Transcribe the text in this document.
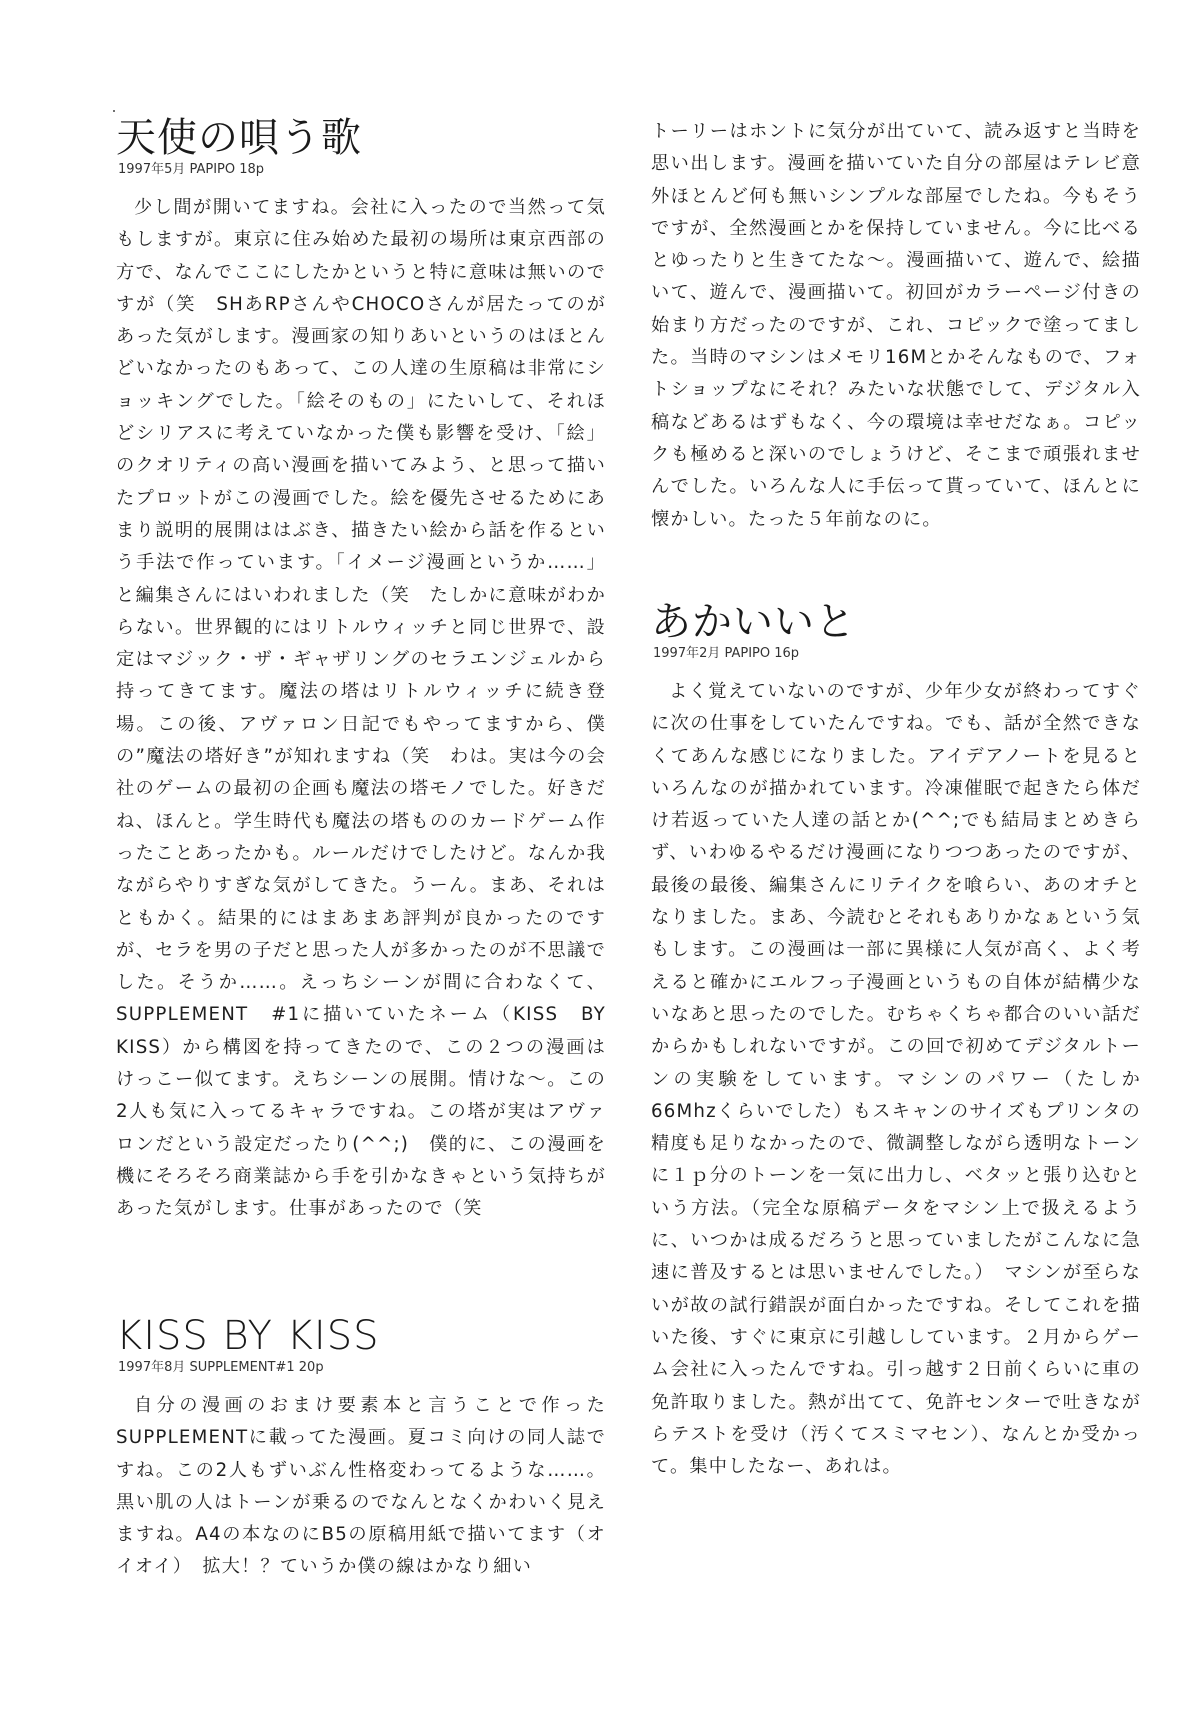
天使の唄う歌

1997年5月 PAPIPO 18p

少し間が開いてますね。会社に入ったので当然って気もしますが。東京に住み始めた最初の場所は東京西部の方で、なんでここにしたかというと特に意味は無いのですが（笑　SHあRPさんやCHOCOさんが居たってのがあった気がします。漫画家の知りあいというのはほとんどいなかったのもあって、この人達の生原稿は非常にショッキングでした。「絵そのもの」にたいして、それほどシリアスに考えていなかった僕も影響を受け、「絵」のクオリティの高い漫画を描いてみよう、と思って描いたプロットがこの漫画でした。絵を優先させるためにあまり説明的展開ははぶき、描きたい絵から話を作るという手法で作っています。「イメージ漫画というか……」と編集さんにはいわれました（笑　たしかに意味がわからない。世界観的にはリトルウィッチと同じ世界で、設定はマジック・ザ・ギャザリングのセラエンジェルから持ってきてます。魔法の塔はリトルウィッチに続き登場。この後、アヴァロン日記でもやってますから、僕の”魔法の塔好き”が知れますね（笑　わは。実は今の会社のゲームの最初の企画も魔法の塔モノでした。好きだね、ほんと。学生時代も魔法の塔もののカードゲーム作ったことあったかも。ルールだけでしたけど。なんか我ながらやりすぎな気がしてきた。うーん。まあ、それはともかく。結果的にはまあまあ評判が良かったのですが、セラを男の子だと思った人が多かったのが不思議でした。そうか……。えっちシーンが間に合わなくて、SUPPLEMENT　#1に描いていたネーム（KISS　BY KISS）から構図を持ってきたので、この２つの漫画はけっこー似てます。えちシーンの展開。情けな～。この2人も気に入ってるキャラですね。この塔が実はアヴァロンだという設定だったり(^^;)　僕的に、この漫画を機にそろそろ商業誌から手を引かなきゃという気持ちがあった気がします。仕事があったので（笑

KISS BY KISS

1997年8月 SUPPLEMENT#1 20p

自分の漫画のおまけ要素本と言うことで作ったSUPPLEMENTに載ってた漫画。夏コミ向けの同人誌ですね。この2人もずいぶん性格変わってるような……。黒い肌の人はトーンが乗るのでなんとなくかわいく見えますね。A4の本なのにB5の原稿用紙で描いてます（オイオイ）　拡大！？ていうか僕の線はかなり細い

トーリーはホントに気分が出ていて、読み返すと当時を思い出します。漫画を描いていた自分の部屋はテレビ意外ほとんど何も無いシンプルな部屋でしたね。今もそうですが、全然漫画とかを保持していません。今に比べるとゆったりと生きてたな～。漫画描いて、遊んで、絵描いて、遊んで、漫画描いて。初回がカラーページ付きの始まり方だったのですが、これ、コピックで塗ってました。当時のマシンはメモリ16Mとかそんなもので、フォトショップなにそれ？みたいな状態でして、デジタル入稿などあるはずもなく、今の環境は幸せだなぁ。コピックも極めると深いのでしょうけど、そこまで頑張れませんでした。いろんな人に手伝って貰っていて、ほんとに懐かしい。たった５年前なのに。

あかいいと

1997年2月 PAPIPO 16p

よく覚えていないのですが、少年少女が終わってすぐに次の仕事をしていたんですね。でも、話が全然できなくてあんな感じになりました。アイデアノートを見るといろんなのが描かれています。冷凍催眠で起きたら体だけ若返っていた人達の話とか(^^;でも結局まとめきらず、いわゆるやるだけ漫画になりつつあったのですが、最後の最後、編集さんにリテイクを喰らい、あのオチとなりました。まあ、今読むとそれもありかなぁという気もします。この漫画は一部に異様に人気が高く、よく考えると確かにエルフっ子漫画というもの自体が結構少ないなあと思ったのでした。むちゃくちゃ都合のいい話だからかもしれないですが。この回で初めてデジタルトーンの実験をしています。マシンのパワー（たしか66Mhzくらいでした）もスキャンのサイズもプリンタの精度も足りなかったので、微調整しながら透明なトーンに１ｐ分のトーンを一気に出力し、ベタッと張り込むという方法。（完全な原稿データをマシン上で扱えるように、いつかは成るだろうと思っていましたがこんなに急速に普及するとは思いませんでした。）　マシンが至らないが故の試行錯誤が面白かったですね。そしてこれを描いた後、すぐに東京に引越ししています。２月からゲーム会社に入ったんですね。引っ越す２日前くらいに車の免許取りました。熱が出てて、免許センターで吐きながらテストを受け（汚くてスミマセン）、なんとか受かって。集中したなー、あれは。
